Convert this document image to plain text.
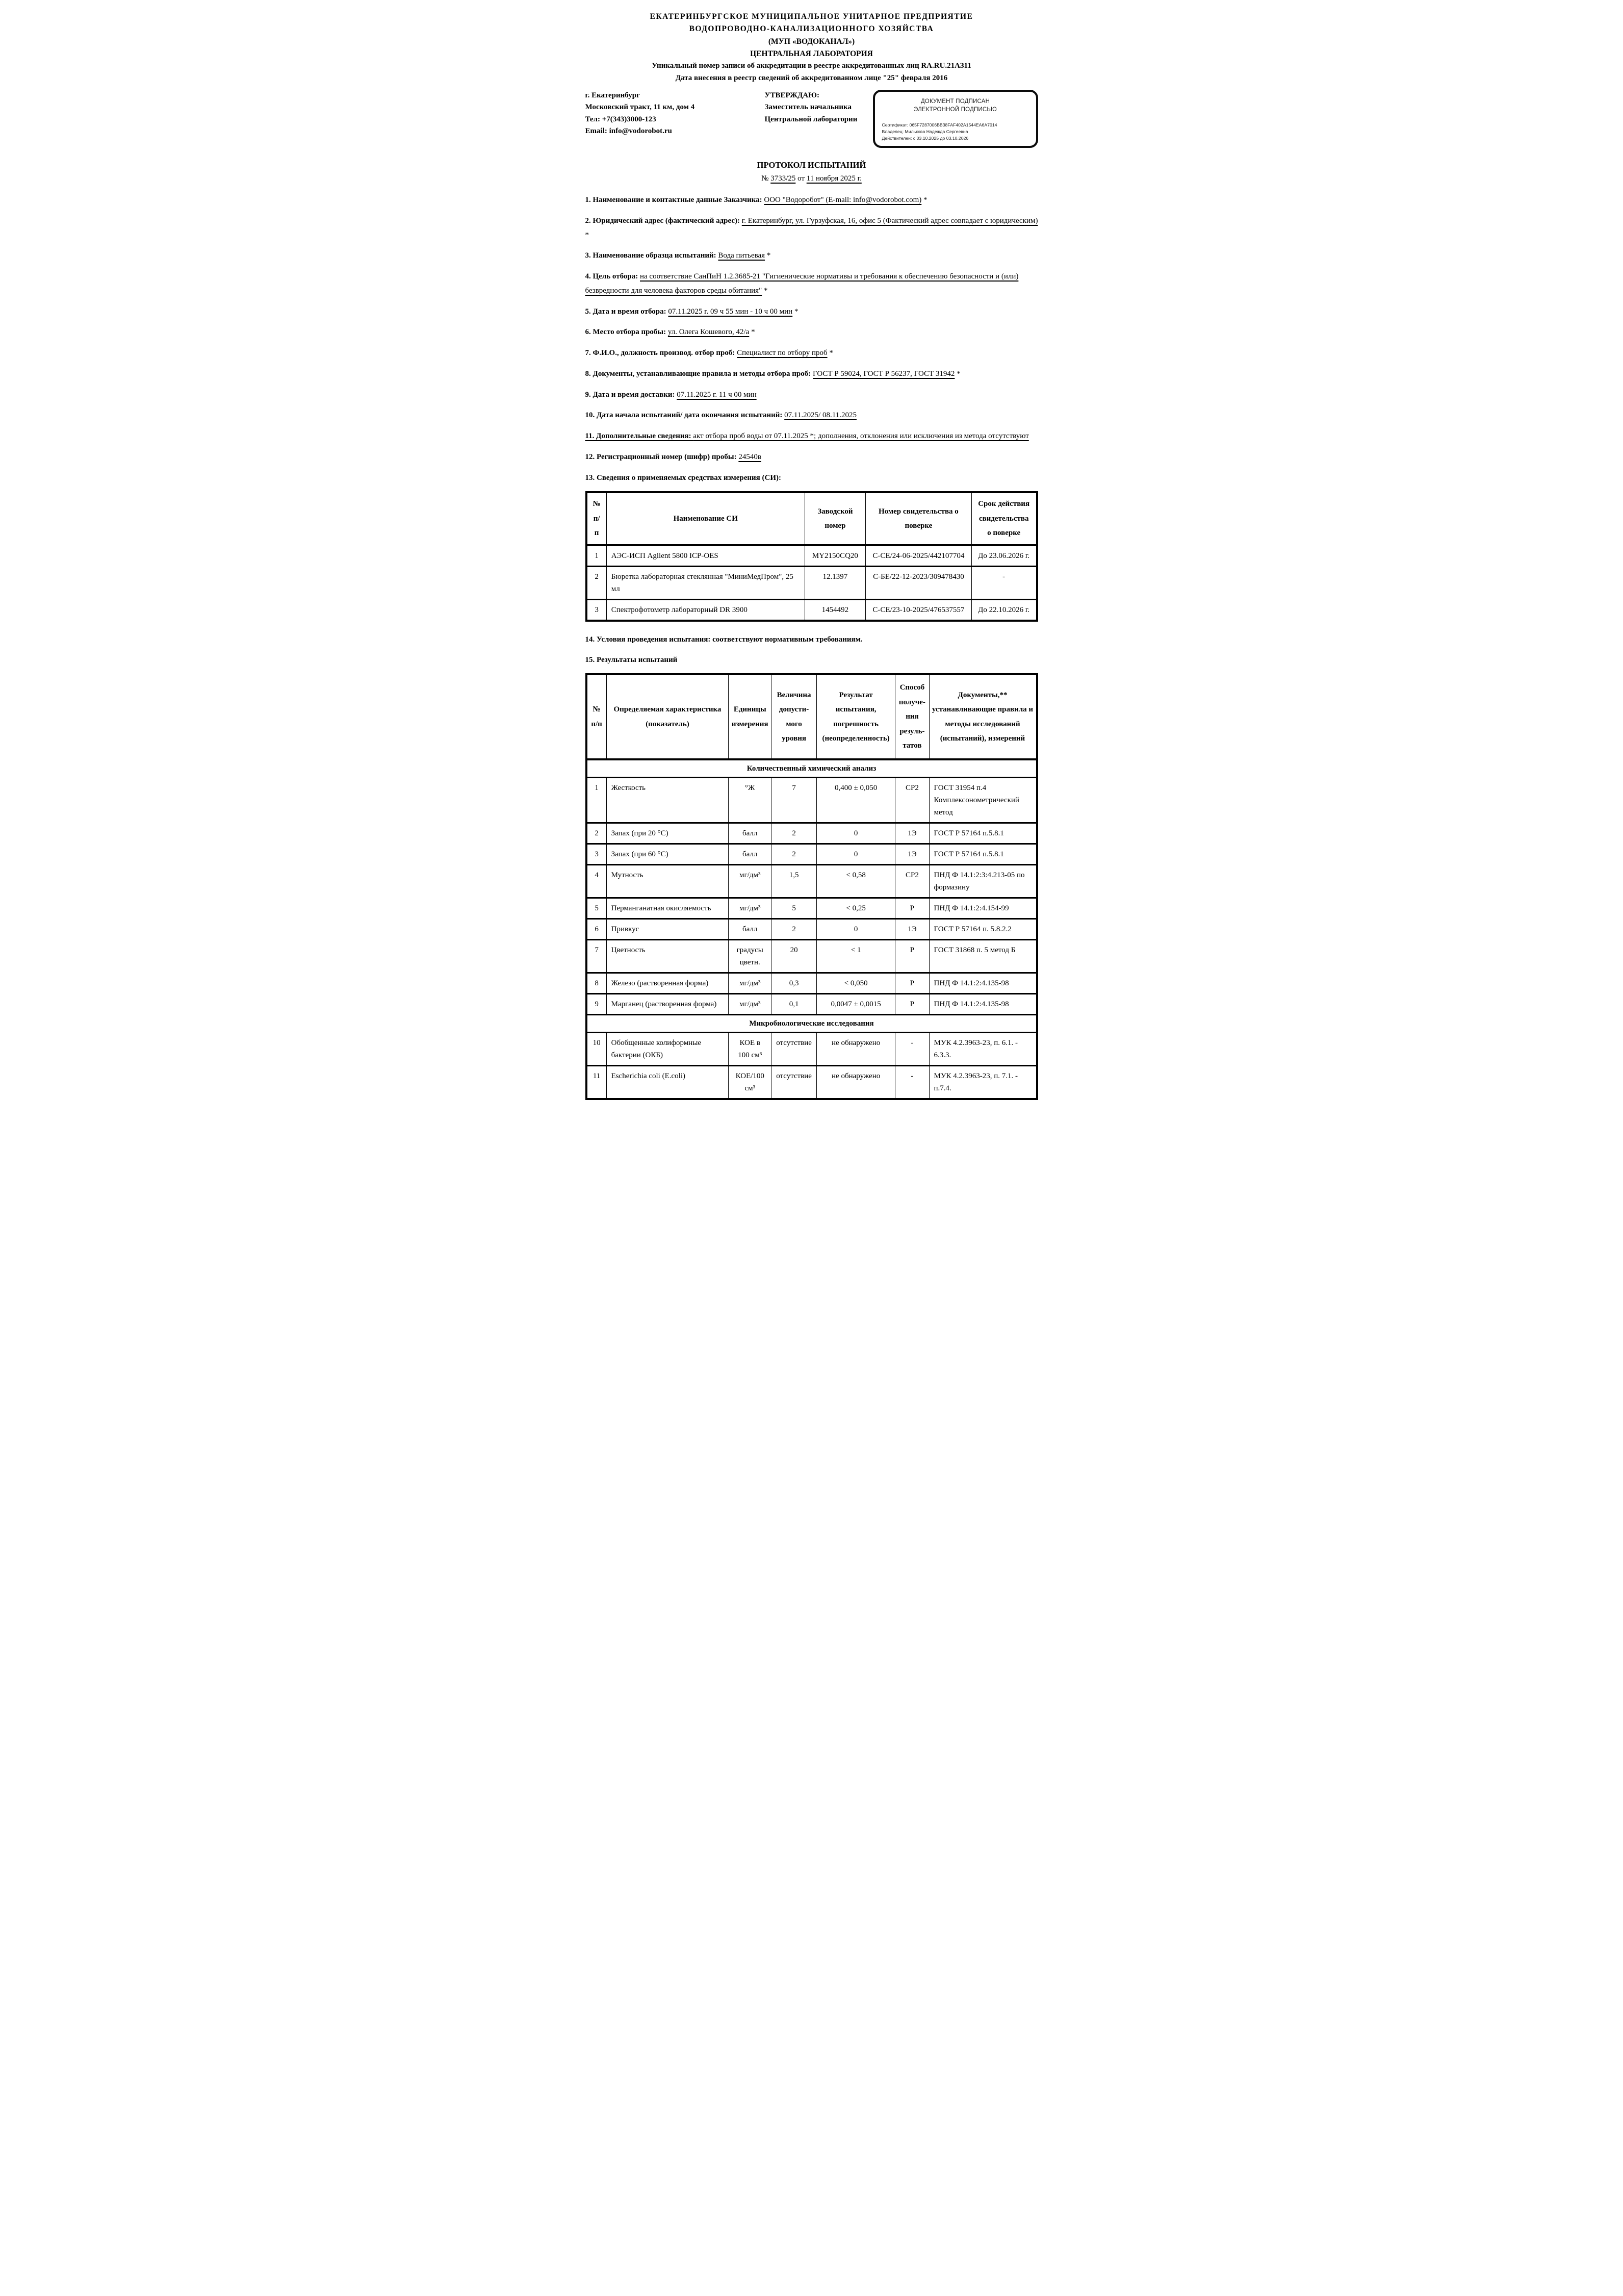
ЕКАТЕРИНБУРГСКОЕ МУНИЦИПАЛЬНОЕ УНИТАРНОЕ ПРЕДПРИЯТИЕ
ВОДОПРОВОДНО-КАНАЛИЗАЦИОННОГО ХОЗЯЙСТВА
(МУП «ВОДОКАНАЛ»)
ЦЕНТРАЛЬНАЯ ЛАБОРАТОРИЯ
Уникальный номер записи об аккредитации в реестре аккредитованных лиц RA.RU.21АЗ11
Дата внесения в реестр сведений об аккредитованном лице "25" февраля 2016
г. Екатеринбург
Московский тракт, 11 км, дом 4
Тел: +7(343)3000-123
Email: info@vodorobot.ru
УТВЕРЖДАЮ:
Заместитель начальника
Центральной лаборатории
ДОКУМЕНТ ПОДПИСАН
ЭЛЕКТРОННОЙ ПОДПИСЬЮ
Сертификат: 065F7287006BB38FAF402A1544EA6A7014
Владелец: Милькова Надежда Сергеевна
Действителен: с 03.10.2025 до 03.10.2026
ПРОТОКОЛ ИСПЫТАНИЙ

№ 3733/25 от 11 ноября 2025 г.

1. Наименование и контактные данные Заказчика: ООО "Водоробот" (E-mail: info@vodorobot.com) *

2. Юридический адрес (фактический адрес): г. Екатеринбург, ул. Гурзуфская, 16, офис 5 (Фактический адрес совпадает с юридическим) *

3. Наименование образца испытаний: Вода питьевая *

4. Цель отбора: на соответствие СанПиН 1.2.3685-21 "Гигиенические нормативы и требования к обеспечению безопасности и (или) безвредности для человека факторов среды обитания" *

5. Дата и время отбора: 07.11.2025 г. 09 ч 55 мин - 10 ч 00 мин *

6. Место отбора пробы: ул. Олега Кошевого, 42/а *

7. Ф.И.О., должность производ. отбор проб: Специалист по отбору проб *

8. Документы, устанавливающие правила и методы отбора проб: ГОСТ Р 59024, ГОСТ Р 56237, ГОСТ 31942 *

9. Дата и время доставки: 07.11.2025 г. 11 ч 00 мин

10. Дата начала испытаний/ дата окончания испытаний: 07.11.2025/ 08.11.2025

11. Дополнительные сведения: акт отбора проб воды от 07.11.2025 *; дополнения, отклонения или исключения из метода отсутствуют

12. Регистрационный номер (шифр) пробы: 24540в

13. Сведения о применяемых средствах измерения (СИ):

№ п/п	Наименование СИ	Заводской номер	Номер свидетельства о поверке	Срок действия свидетельства о поверке
1	АЭС-ИСП Agilent 5800 ICP-OES	MY2150CQ20	С-СЕ/24-06-2025/442107704	До 23.06.2026 г.
2	Бюретка лабораторная стеклянная "МиниМедПром", 25 мл	12.1397	С-БЕ/22-12-2023/309478430	-
3	Спектрофотометр лабораторный DR 3900	1454492	С-СЕ/23-10-2025/476537557	До 22.10.2026 г.

14. Условия проведения испытания: соответствуют нормативным требованиям.

15. Результаты испытаний

№ п/п	Определяемая характеристика (показатель)	Единицы измерения	Величина допустимого уровня	Результат испытания, погрешность (неопределенность)	Способ получения результатов	Документы,** устанавливающие правила и методы исследований (испытаний), измерений
Количественный химический анализ						
1	Жесткость	°Ж	7	0,400 ± 0,050	СР2	ГОСТ 31954 п.4 Комплексонометрический метод
2	Запах (при 20 °С)	балл	2	0	1Э	ГОСТ Р 57164 п.5.8.1
3	Запах (при 60 °С)	балл	2	0	1Э	ГОСТ Р 57164 п.5.8.1
4	Мутность	мг/дм³	1,5	< 0,58	СР2	ПНД Ф 14.1:2:3:4.213-05 по формазину
5	Перманганатная окисляемость	мг/дм³	5	< 0,25	Р	ПНД Ф 14.1:2:4.154-99
6	Привкус	балл	2	0	1Э	ГОСТ Р 57164 п. 5.8.2.2
7	Цветность	градусы цветн.	20	< 1	Р	ГОСТ 31868 п. 5 метод Б
8	Железо (растворенная форма)	мг/дм³	0,3	< 0,050	Р	ПНД Ф 14.1:2:4.135-98
9	Марганец (растворенная форма)	мг/дм³	0,1	0,0047 ± 0,0015	Р	ПНД Ф 14.1:2:4.135-98
Микробиологические исследования						
10	Обобщенные колиформные бактерии (ОКБ)	КОЕ в 100 см³	отсутствие	не обнаружено	-	МУК 4.2.3963-23, п. 6.1. - 6.3.3.
11	Escherichia coli (E.coli)	КОЕ/100 см³	отсутствие	не обнаружено	-	МУК 4.2.3963-23, п. 7.1. - п.7.4.
